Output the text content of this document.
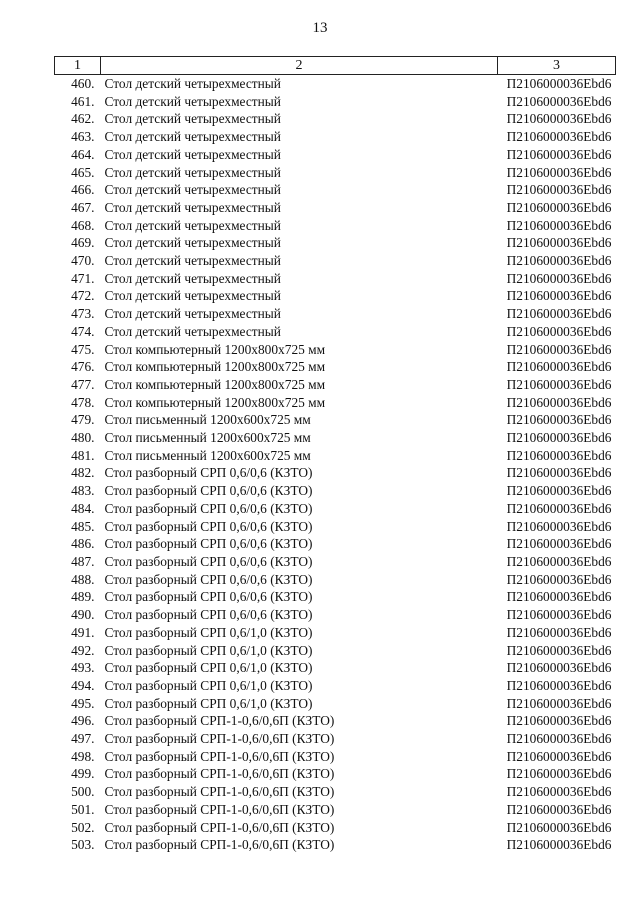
13
1	2	3
460.	Стол детский четырехместный	П2106000036Ebd6
461.	Стол детский четырехместный	П2106000036Ebd6
462.	Стол детский четырехместный	П2106000036Ebd6
463.	Стол детский четырехместный	П2106000036Ebd6
464.	Стол детский четырехместный	П2106000036Ebd6
465.	Стол детский четырехместный	П2106000036Ebd6
466.	Стол детский четырехместный	П2106000036Ebd6
467.	Стол детский четырехместный	П2106000036Ebd6
468.	Стол детский четырехместный	П2106000036Ebd6
469.	Стол детский четырехместный	П2106000036Ebd6
470.	Стол детский четырехместный	П2106000036Ebd6
471.	Стол детский четырехместный	П2106000036Ebd6
472.	Стол детский четырехместный	П2106000036Ebd6
473.	Стол детский четырехместный	П2106000036Ebd6
474.	Стол детский четырехместный	П2106000036Ebd6
475.	Стол компьютерный 1200х800х725 мм	П2106000036Ebd6
476.	Стол компьютерный 1200х800х725 мм	П2106000036Ebd6
477.	Стол компьютерный 1200х800х725 мм	П2106000036Ebd6
478.	Стол компьютерный 1200х800х725 мм	П2106000036Ebd6
479.	Стол письменный 1200х600х725 мм	П2106000036Ebd6
480.	Стол письменный 1200х600х725 мм	П2106000036Ebd6
481.	Стол письменный 1200х600х725 мм	П2106000036Ebd6
482.	Стол разборный СРП 0,6/0,6 (КЗТО)	П2106000036Ebd6
483.	Стол разборный СРП 0,6/0,6 (КЗТО)	П2106000036Ebd6
484.	Стол разборный СРП 0,6/0,6 (КЗТО)	П2106000036Ebd6
485.	Стол разборный СРП 0,6/0,6 (КЗТО)	П2106000036Ebd6
486.	Стол разборный СРП 0,6/0,6 (КЗТО)	П2106000036Ebd6
487.	Стол разборный СРП 0,6/0,6 (КЗТО)	П2106000036Ebd6
488.	Стол разборный СРП 0,6/0,6 (КЗТО)	П2106000036Ebd6
489.	Стол разборный СРП 0,6/0,6 (КЗТО)	П2106000036Ebd6
490.	Стол разборный СРП 0,6/0,6 (КЗТО)	П2106000036Ebd6
491.	Стол разборный СРП 0,6/1,0 (КЗТО)	П2106000036Ebd6
492.	Стол разборный СРП 0,6/1,0 (КЗТО)	П2106000036Ebd6
493.	Стол разборный СРП 0,6/1,0 (КЗТО)	П2106000036Ebd6
494.	Стол разборный СРП 0,6/1,0 (КЗТО)	П2106000036Ebd6
495.	Стол разборный СРП 0,6/1,0 (КЗТО)	П2106000036Ebd6
496.	Стол разборный СРП-1-0,6/0,6П (КЗТО)	П2106000036Ebd6
497.	Стол разборный СРП-1-0,6/0,6П (КЗТО)	П2106000036Ebd6
498.	Стол разборный СРП-1-0,6/0,6П (КЗТО)	П2106000036Ebd6
499.	Стол разборный СРП-1-0,6/0,6П (КЗТО)	П2106000036Ebd6
500.	Стол разборный СРП-1-0,6/0,6П (КЗТО)	П2106000036Ebd6
501.	Стол разборный СРП-1-0,6/0,6П (КЗТО)	П2106000036Ebd6
502.	Стол разборный СРП-1-0,6/0,6П (КЗТО)	П2106000036Ebd6
503.	Стол разборный СРП-1-0,6/0,6П (КЗТО)	П2106000036Ebd6
